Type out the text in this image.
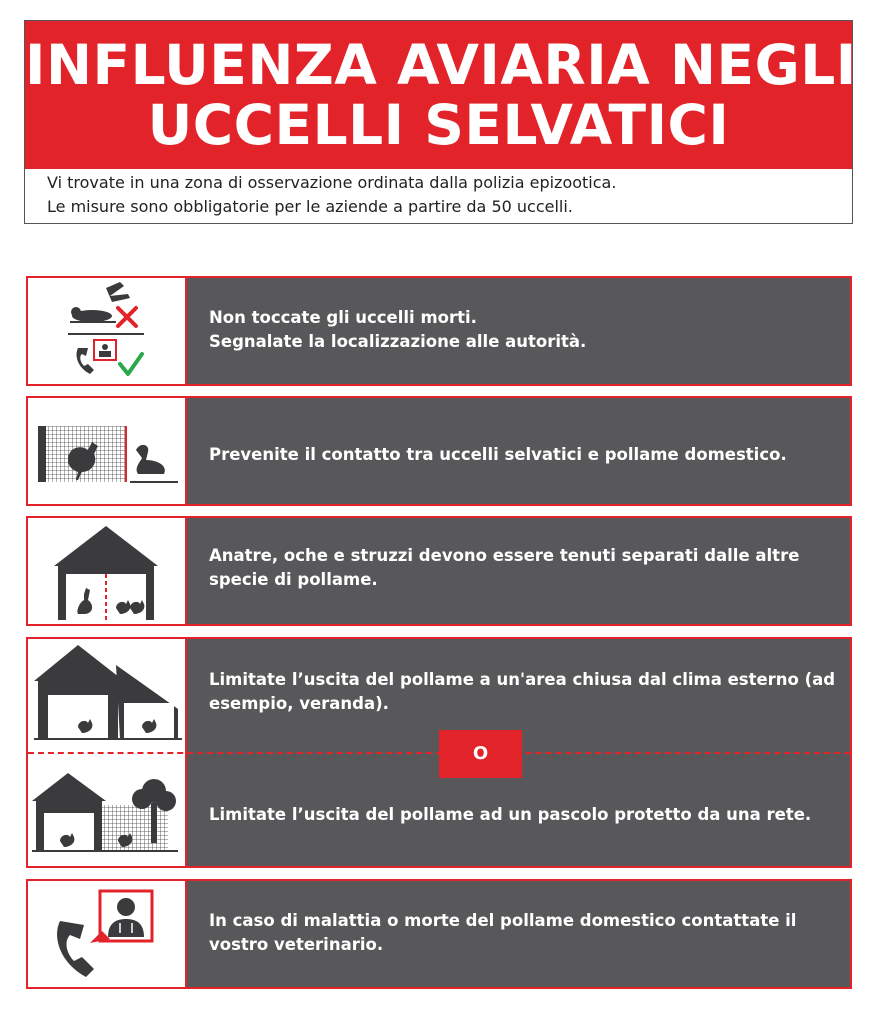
INFLUENZA AVIARIA NEGLI
UCCELLI SELVATICI
Vi trovate in una zona di osservazione ordinata dalla polizia epizootica.
Le misure sono obbligatorie per le aziende a partire da 50 uccelli.
Non toccate gli uccelli morti.
Segnalate la localizzazione alle autorità.
Prevenite il contatto tra uccelli selvatici e pollame domestico.
Anatre, oche e struzzi devono essere tenuti separati dalle altre
specie di pollame.
O
Limitate l’uscita del pollame a un'area chiusa dal clima esterno (ad
esempio, veranda).
Limitate l’uscita del pollame ad un pascolo protetto da una rete.
In caso di malattia o morte del pollame domestico contattate il
vostro veterinario.
